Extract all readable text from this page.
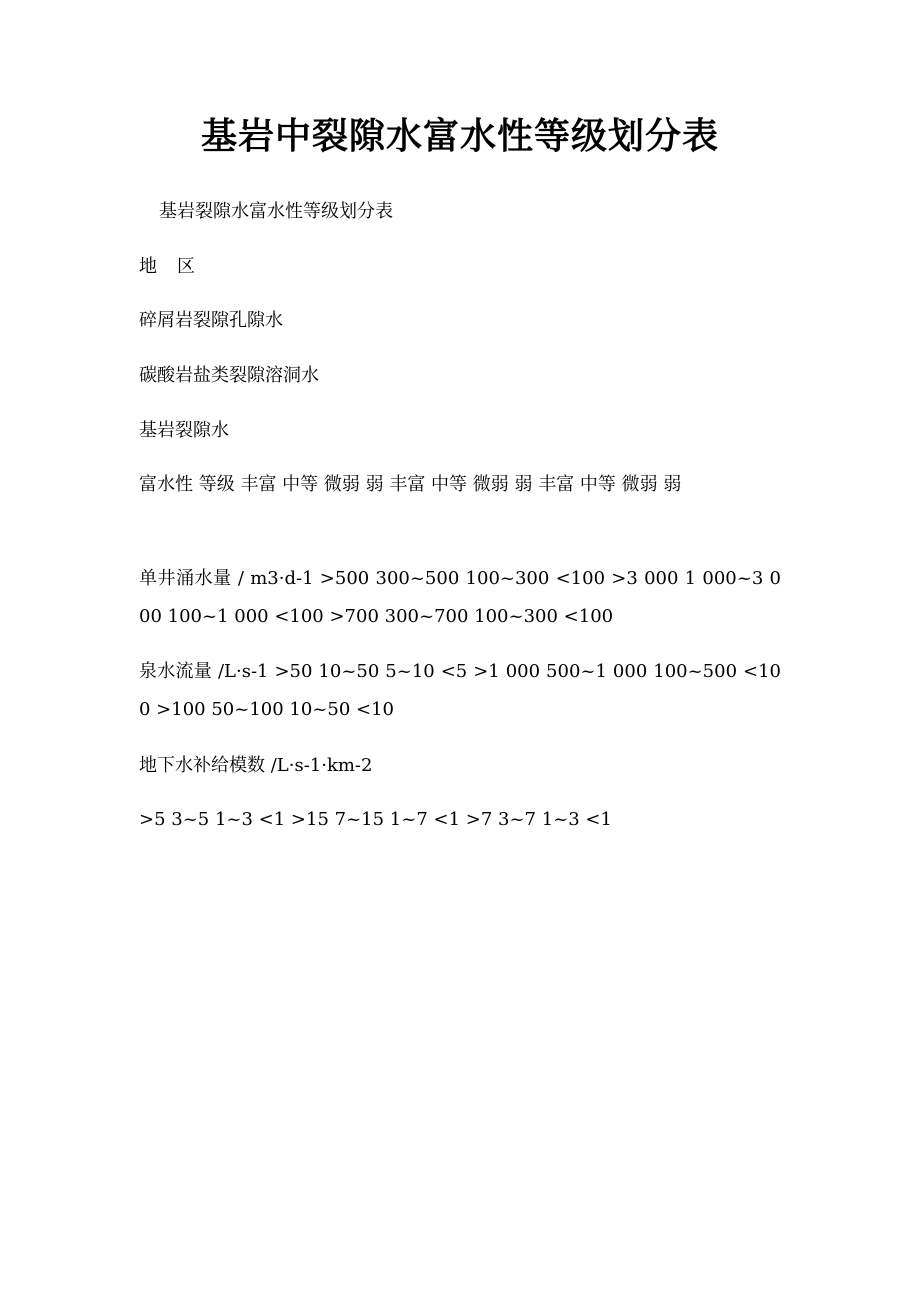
基岩中裂隙水富水性等级划分表
基岩裂隙水富水性等级划分表
地 区
碎屑岩裂隙孔隙水
碳酸岩盐类裂隙溶洞水
基岩裂隙水
富水性 等级 丰富 中等 微弱 弱 丰富 中等 微弱 弱 丰富 中等 微弱 弱
单井涌水量 / m3·d-1 >500 300~500 100~300 <100 >3 000 1 000~3 000 100~1 000 <100 >700 300~700 100~300 <100
泉水流量 /L·s-1 >50 10~50 5~10 <5 >1 000 500~1 000 100~500 <100 >100 50~100 10~50 <10
地下水补给模数 /L·s-1·km-2
>5 3~5 1~3 <1 >15 7~15 1~7 <1 >7 3~7 1~3 <1
